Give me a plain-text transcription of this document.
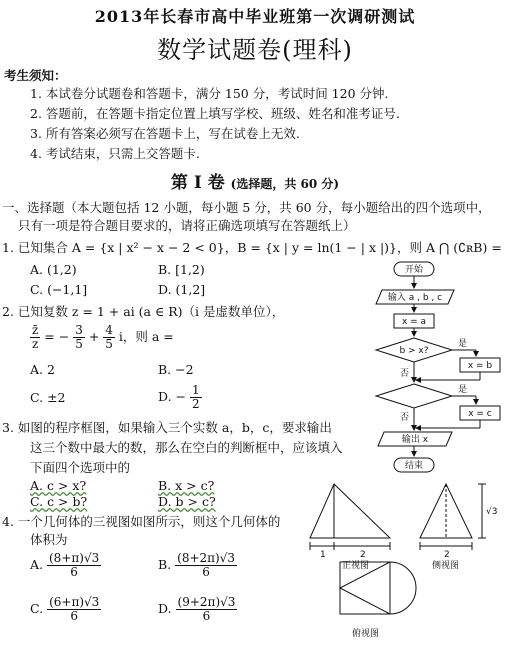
2013年长春市高中毕业班第一次调研测试
数学试题卷(理科)
考生须知：
1. 本试卷分试题卷和答题卡，满分 150 分，考试时间 120 分钟.
2. 答题前，在答题卡指定位置上填写学校、班级、姓名和准考证号.
3. 所有答案必须写在答题卡上，写在试卷上无效.
4. 考试结束，只需上交答题卡.
第 I 卷 (选择题，共 60 分)
一、选择题（本大题包括 12 小题，每小题 5 分，共 60 分，每小题给出的四个选项中，
只有一项是符合题目要求的，请将正确选项填写在答题纸上）
1. 已知集合 A = {x | x² − x − 2 < 0}，B = {x | y = ln(1 − | x |)}，则 A ⋂ (∁ʀB) =
A. (1,2)	B. [1,2)
C. (−1,1]	D. (1,2]
2. 已知复数 z = 1 + ai (a ∈ R)（i 是虚数单位），
$\frac{z̄}{z}$ = − $\frac{3}{5} + \frac{4}{5}$ i，则 a =
A. 2	B. −2
C. ±2	D. − $\frac{1}{2}$
3. 如图的程序框图，如果输入三个实数 a，b，c，要求输出
这三个数中最大的数，那么在空白的判断框中，应该填入
下面四个选项中的
A. c > x?	B. x > c?
C. c > b?	D. b > c?
4. 一个几何体的三视图如图所示，则这个几何体的
体积为
A. $\frac{(8+\pi)√3}{6}$	B. $\frac{(8+2\pi)√3}{6}$
C. $\frac{(6+\pi)√3}{6}$	D. $\frac{(9+2\pi)√3}{6}$
开始
输入 a , b , c
x = a
b > x?
是
x = b
否
是
x = c
否
输出 x
结束
1	2
正视图
2
侧视图
√3
俯视图
